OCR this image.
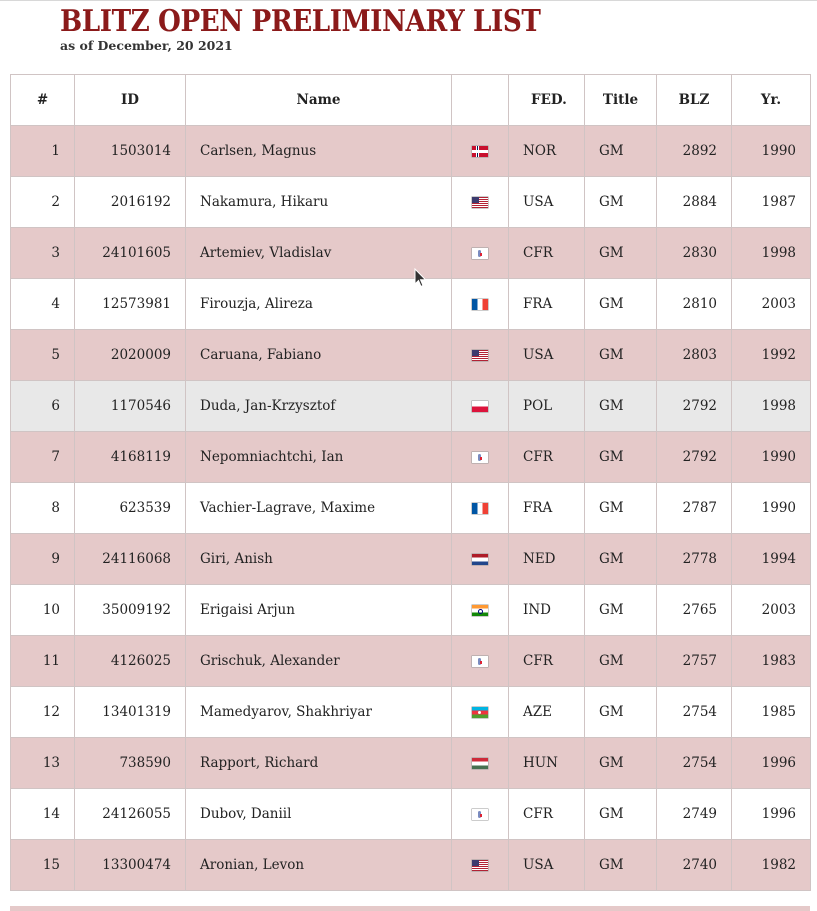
BLITZ OPEN PRELIMINARY LIST
as of December, 20 2021
#	ID	Name		FED.	Title	BLZ	Yr.
1	1503014	Carlsen, Magnus		NOR	GM	2892	1990
2	2016192	Nakamura, Hikaru		USA	GM	2884	1987
3	24101605	Artemiev, Vladislav		CFR	GM	2830	1998
4	12573981	Firouzja, Alireza		FRA	GM	2810	2003
5	2020009	Caruana, Fabiano		USA	GM	2803	1992
6	1170546	Duda, Jan-Krzysztof		POL	GM	2792	1998
7	4168119	Nepomniachtchi, Ian		CFR	GM	2792	1990
8	623539	Vachier-Lagrave, Maxime		FRA	GM	2787	1990
9	24116068	Giri, Anish		NED	GM	2778	1994
10	35009192	Erigaisi Arjun		IND	GM	2765	2003
11	4126025	Grischuk, Alexander		CFR	GM	2757	1983
12	13401319	Mamedyarov, Shakhriyar		AZE	GM	2754	1985
13	738590	Rapport, Richard		HUN	GM	2754	1996
14	24126055	Dubov, Daniil		CFR	GM	2749	1996
15	13300474	Aronian, Levon		USA	GM	2740	1982
